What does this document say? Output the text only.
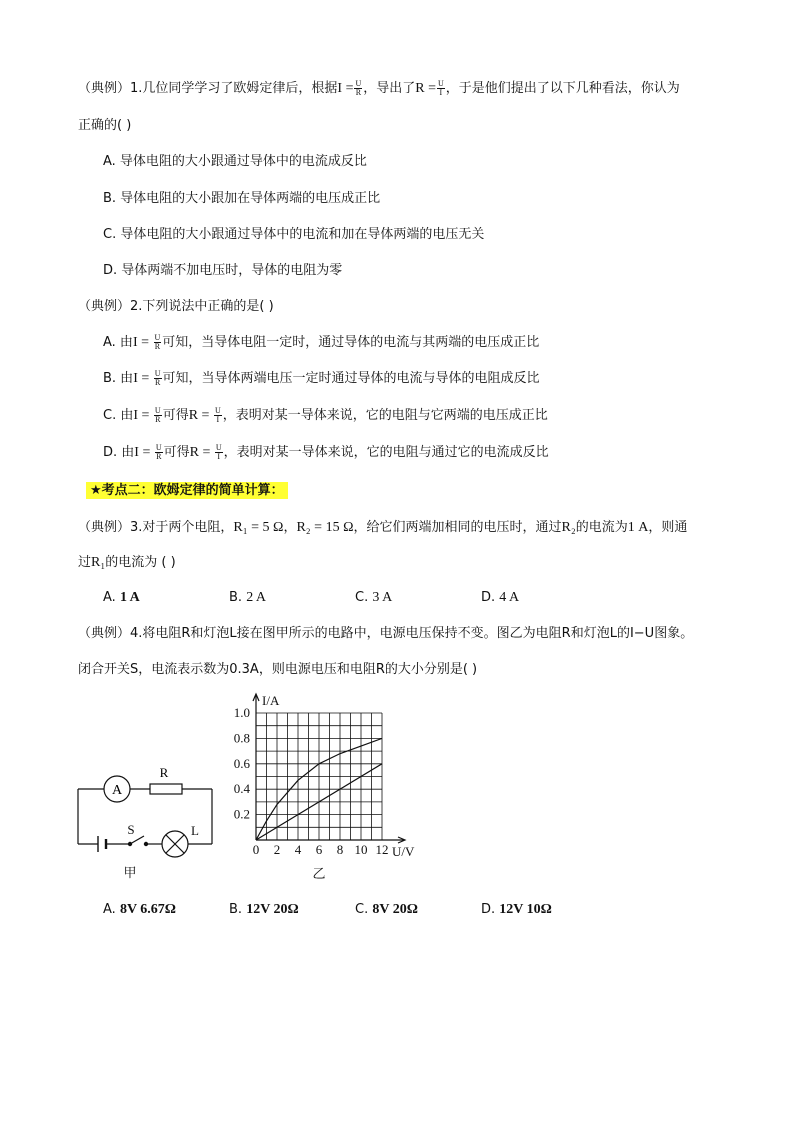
（典例）1.几位同学学习了欧姆定律后，根据$I = \frac{U}{R}$ ，导出了$R = \frac{U}{I}$ ，于是他们提出了以下几种看法，你认为
正确的( )
A. 导体电阻的大小跟通过导体中的电流成反比
B. 导体电阻的大小跟加在导体两端的电压成正比
C. 导体电阻的大小跟通过导体中的电流和加在导体两端的电压无关
D. 导体两端不加电压时，导体的电阻为零
（典例）2.下列说法中正确的是( )
A. 由$I = \frac{U}{R}$ 可知，当导体电阻一定时，通过导体的电流与其两端的电压成正比
B. 由$I = \frac{U}{R}$ 可知，当导体两端电压一定时通过导体的电流与导体的电阻成反比
C. 由$I = \frac{U}{R}$ 可得$R = \frac{U}{I}$ ，表明对某一导体来说，它的电阻与它两端的电压成正比
D. 由$I = \frac{U}{R}$ 可得$R = \frac{U}{I}$ ，表明对某一导体来说，它的电阻与通过它的电流成反比
★考点二：欧姆定律的简单计算：
（典例）3.对于两个电阻，R₁ = 5 Ω，R₂ = 15 Ω，给它们两端加相同的电压时，通过R₂的电流为1 A，则通
过R₁的电流为 ( )
A. 1 A	B. 2 A	C. 3 A	D. 4 A
（典例）4.将电阻R和灯泡L接在图甲所示的电路中，电源电压保持不变。图乙为电阻R和灯泡L的I−U图象。
闭合开关S，电流表示数为0.3A，则电源电压和电阻R的大小分别是( )
A
R
S	L
甲
0 2 4 6 8 10 12
0.2
0.4
0.6
0.8
1.0
I/A
U/V
乙
A. 8V 6.67Ω	B. 12V 20Ω	C. 8V 20Ω	D. 12V 10Ω
